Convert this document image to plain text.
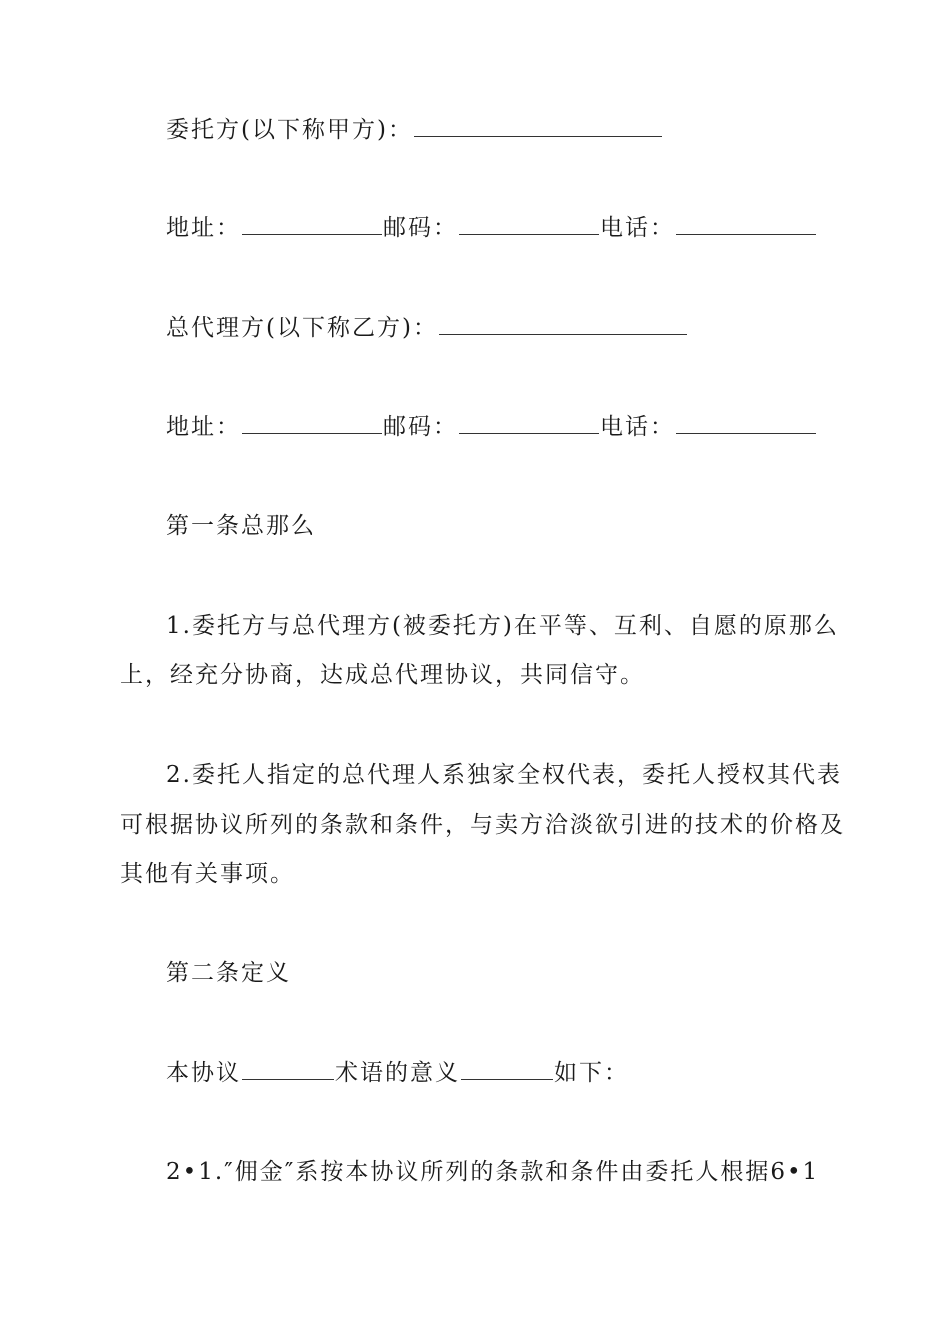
委托方(以下称甲方)：
地址：	邮码：	电话：
总代理方(以下称乙方)：
地址：	邮码：	电话：
第一条总那么
1.委托方与总代理方(被委托方)在平等、互利、自愿的原那么
上，经充分协商，达成总代理协议，共同信守。
2.委托人指定的总代理人系独家全权代表，委托人授权其代表
可根据协议所列的条款和条件，与卖方洽淡欲引进的技术的价格及
其他有关事项。
第二条定义
本协议	术语的意义	如下：
2•1.″佣金″系按本协议所列的条款和条件由委托人根据6•1
